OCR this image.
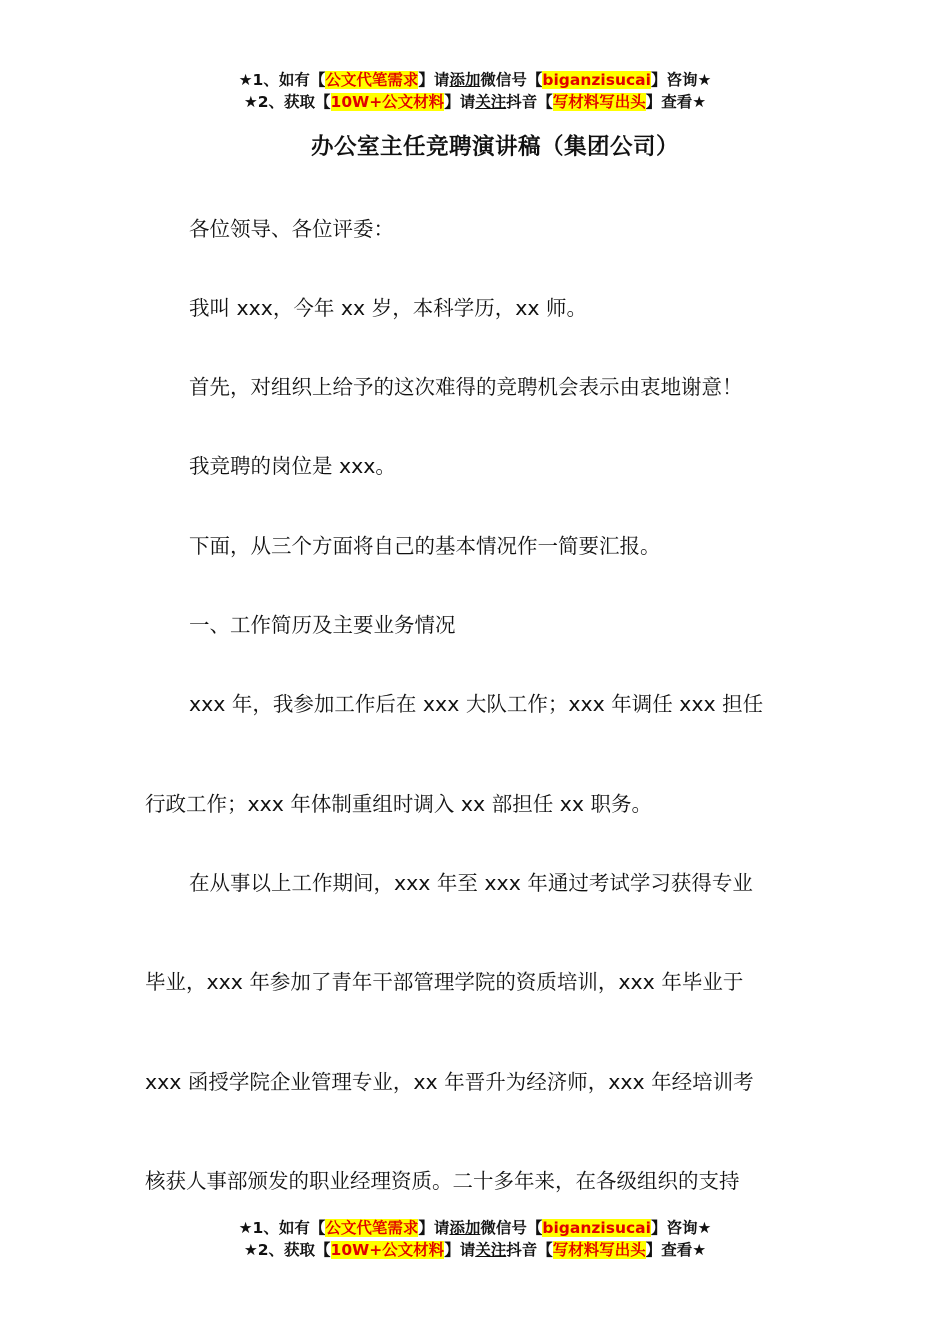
★1、如有【公文代笔需求】请添加微信号【biganzisucai】咨询★
★2、获取【10W+公文材料】请关注抖音【写材料写出头】查看★
办公室主任竞聘演讲稿（集团公司）
各位领导、各位评委：
我叫 xxx，今年 xx 岁，本科学历，xx 师。
首先，对组织上给予的这次难得的竞聘机会表示由衷地谢意！
我竞聘的岗位是 xxx。
下面，从三个方面将自己的基本情况作一简要汇报。
一、工作简历及主要业务情况
xxx 年，我参加工作后在 xxx 大队工作；xxx 年调任 xxx 担任
行政工作；xxx 年体制重组时调入 xx 部担任 xx 职务。
在从事以上工作期间，xxx 年至 xxx 年通过考试学习获得专业
毕业，xxx 年参加了青年干部管理学院的资质培训，xxx 年毕业于
xxx 函授学院企业管理专业，xx 年晋升为经济师，xxx 年经培训考
核获人事部颁发的职业经理资质。二十多年来，在各级组织的支持
★1、如有【公文代笔需求】请添加微信号【biganzisucai】咨询★
★2、获取【10W+公文材料】请关注抖音【写材料写出头】查看★
